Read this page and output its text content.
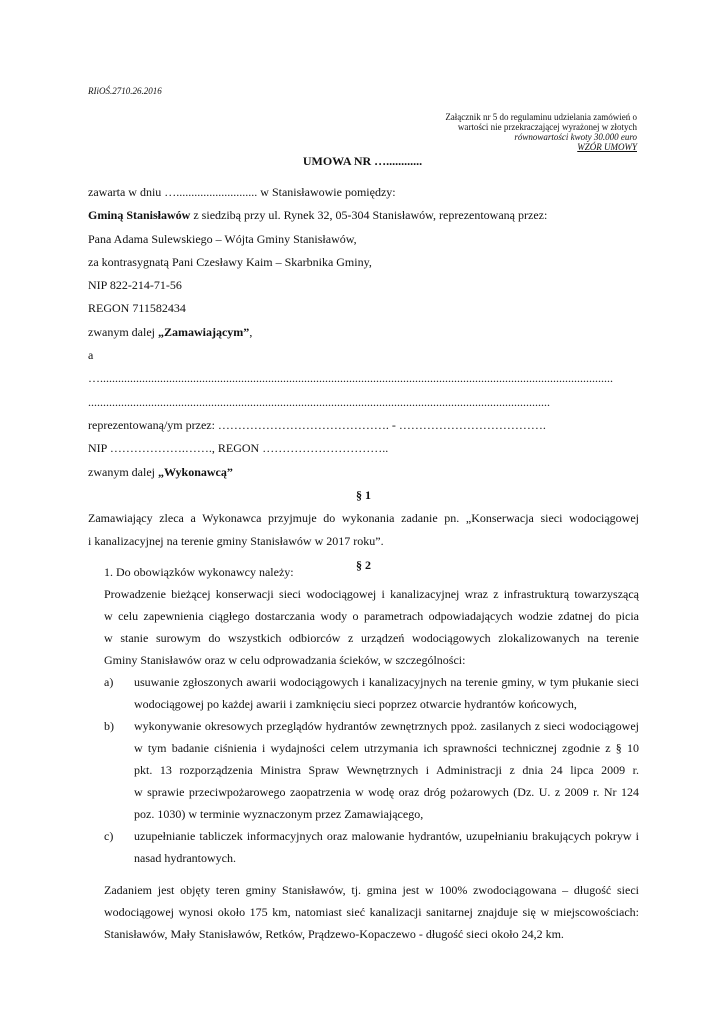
RIiOŚ.2710.26.2016
Załącznik nr 5 do regulaminu udzielania zamówień o
wartości nie przekraczającej wyrażonej w złotych
równowartości kwoty 30.000 euro
WZÓR UMOWY
UMOWA NR …............
zawarta w dniu …........................... w Stanisławowie pomiędzy:
Gminą Stanisławów z siedzibą przy ul. Rynek 32, 05-304 Stanisławów, reprezentowaną przez:
Pana Adama Sulewskiego – Wójta Gminy Stanisławów,
za kontrasygnatą Pani Czesławy Kaim – Skarbnika Gminy,
NIP 822-214-71-56
REGON 711582434
zwanym dalej „Zamawiającym”,
a
…...........................................................................................................................................................................
..........................................................................................................................................................
reprezentowaną/ym przez: ……………………………………. - ……………………………….
NIP ……………….……., REGON …………………………..
zwanym dalej „Wykonawcą”
§ 1
Zamawiający zleca a Wykonawca przyjmuje do wykonania zadanie pn. „Konserwacja sieci wodociągowej
i kanalizacyjnej na terenie gminy Stanisławów w 2017 roku”.
§ 2
1. Do obowiązków wykonawcy należy:
Prowadzenie bieżącej konserwacji sieci wodociągowej i kanalizacyjnej wraz z infrastrukturą towarzyszącą
w celu zapewnienia ciągłego dostarczania wody o parametrach odpowiadających wodzie zdatnej do picia
w stanie surowym do wszystkich odbiorców z urządzeń wodociągowych zlokalizowanych na terenie
Gminy Stanisławów oraz w celu odprowadzania ścieków, w szczególności:
a)	usuwanie zgłoszonych awarii wodociągowych i kanalizacyjnych na terenie gminy, w tym płukanie sieci
wodociągowej po każdej awarii i zamknięciu sieci poprzez otwarcie hydrantów końcowych,
b)	wykonywanie okresowych przeglądów hydrantów zewnętrznych ppoż. zasilanych z sieci wodociągowej
w tym badanie ciśnienia i wydajności celem utrzymania ich sprawności technicznej zgodnie z § 10
pkt. 13 rozporządzenia Ministra Spraw Wewnętrznych i Administracji z dnia 24 lipca 2009 r.
w sprawie przeciwpożarowego zaopatrzenia w wodę oraz dróg pożarowych (Dz. U. z 2009 r. Nr 124
poz. 1030) w terminie wyznaczonym przez Zamawiającego,
c)	uzupełnianie tabliczek informacyjnych oraz malowanie hydrantów, uzupełnianiu brakujących pokryw i
nasad hydrantowych.
Zadaniem jest objęty teren gminy Stanisławów, tj. gmina jest w 100% zwodociągowana – długość sieci
wodociągowej wynosi około 175 km, natomiast sieć kanalizacji sanitarnej znajduje się w miejscowościach:
Stanisławów, Mały Stanisławów, Retków, Prądzewo-Kopaczewo - długość sieci około 24,2 km.
